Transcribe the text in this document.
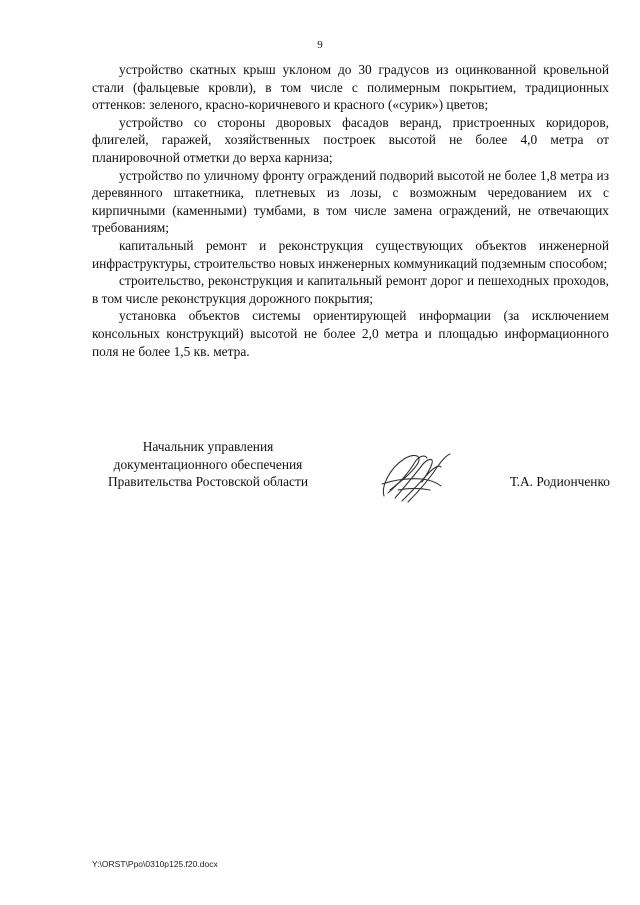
9

устройство скатных крыш уклоном до 30 градусов из оцинкованной кровельной стали (фальцевые кровли), в том числе с полимерным покрытием, традиционных оттенков: зеленого, красно-коричневого и красного («сурик») цветов;

устройство со стороны дворовых фасадов веранд, пристроенных коридоров, флигелей, гаражей, хозяйственных построек высотой не более 4,0 метра от планировочной отметки до верха карниза;

устройство по уличному фронту ограждений подворий высотой не более 1,8 метра из деревянного штакетника, плетневых из лозы, с возможным чередованием их с кирпичными (каменными) тумбами, в том числе замена ограждений, не отвечающих требованиям;

капитальный ремонт и реконструкция существующих объектов инженерной инфраструктуры, строительство новых инженерных коммуникаций подземным способом;

строительство, реконструкция и капитальный ремонт дорог и пешеходных проходов, в том числе реконструкция дорожного покрытия;

установка объектов системы ориентирующей информации (за исключением консольных конструкций) высотой не более 2,0 метра и площадью информационного поля не более 1,5 кв. метра.

Начальник управления
документационного обеспечения
Правительства Ростовской области	Т.А. Родионченко
Y:\ORST\Ppo\0310p125.f20.docx
